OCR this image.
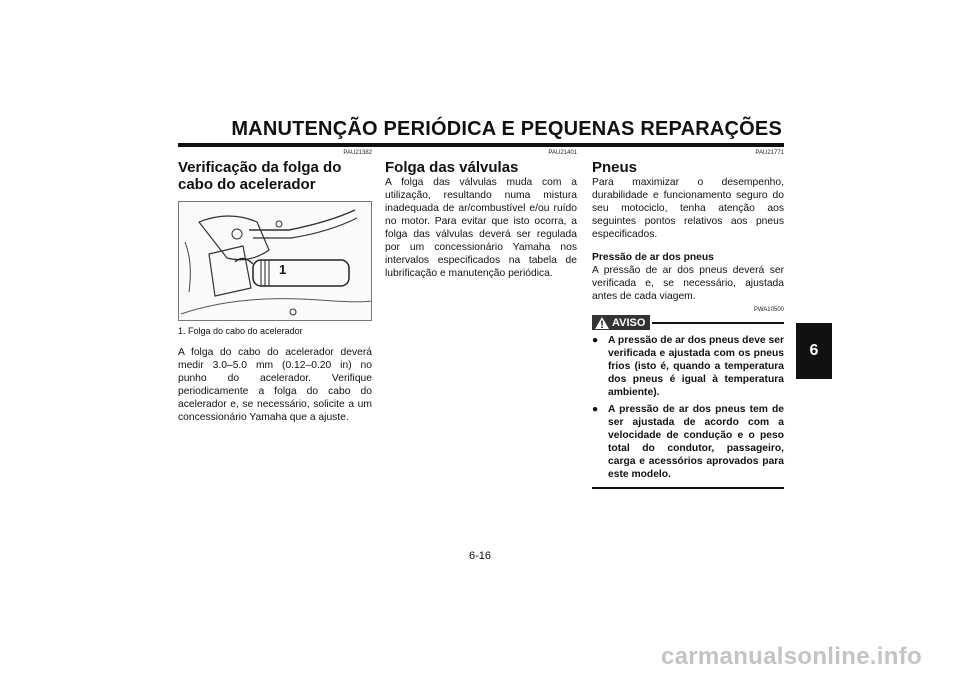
MANUTENÇÃO PERIÓDICA E PEQUENAS REPARAÇÕES
6
PAU21382
Verificação da folga do cabo do acelerador
1
1. Folga do cabo do acelerador
A folga do cabo do acelerador deverá medir 3.0–5.0 mm (0.12–0.20 in) no punho do acelerador. Verifique periodicamente a folga do cabo do acelerador e, se necessário, solicite a um concessionário Yamaha que a ajuste.
PAU21401
Folga das válvulas
A folga das válvulas muda com a utilização, resultando numa mistura inadequada de ar/combustível e/ou ruído no motor. Para evitar que isto ocorra, a folga das válvulas deverá ser regulada por um concessionário Yamaha nos intervalos especificados na tabela de lubrificação e manutenção periódica.
PAU21771
Pneus
Para maximizar o desempenho, durabilidade e funcionamento seguro do seu motociclo, tenha atenção aos seguintes pontos relativos aos pneus especificados.
Pressão de ar dos pneus
A pressão de ar dos pneus deverá ser verificada e, se necessário, ajustada antes de cada viagem.
PWA10500
AVISO
● A pressão de ar dos pneus deve ser verificada e ajustada com os pneus frios (isto é, quando a temperatura dos pneus é igual à temperatura ambiente).
● A pressão de ar dos pneus tem de ser ajustada de acordo com a velocidade de condução e o peso total do condutor, passageiro, carga e acessórios aprovados para este modelo.
6-16
carmanualsonline.info
